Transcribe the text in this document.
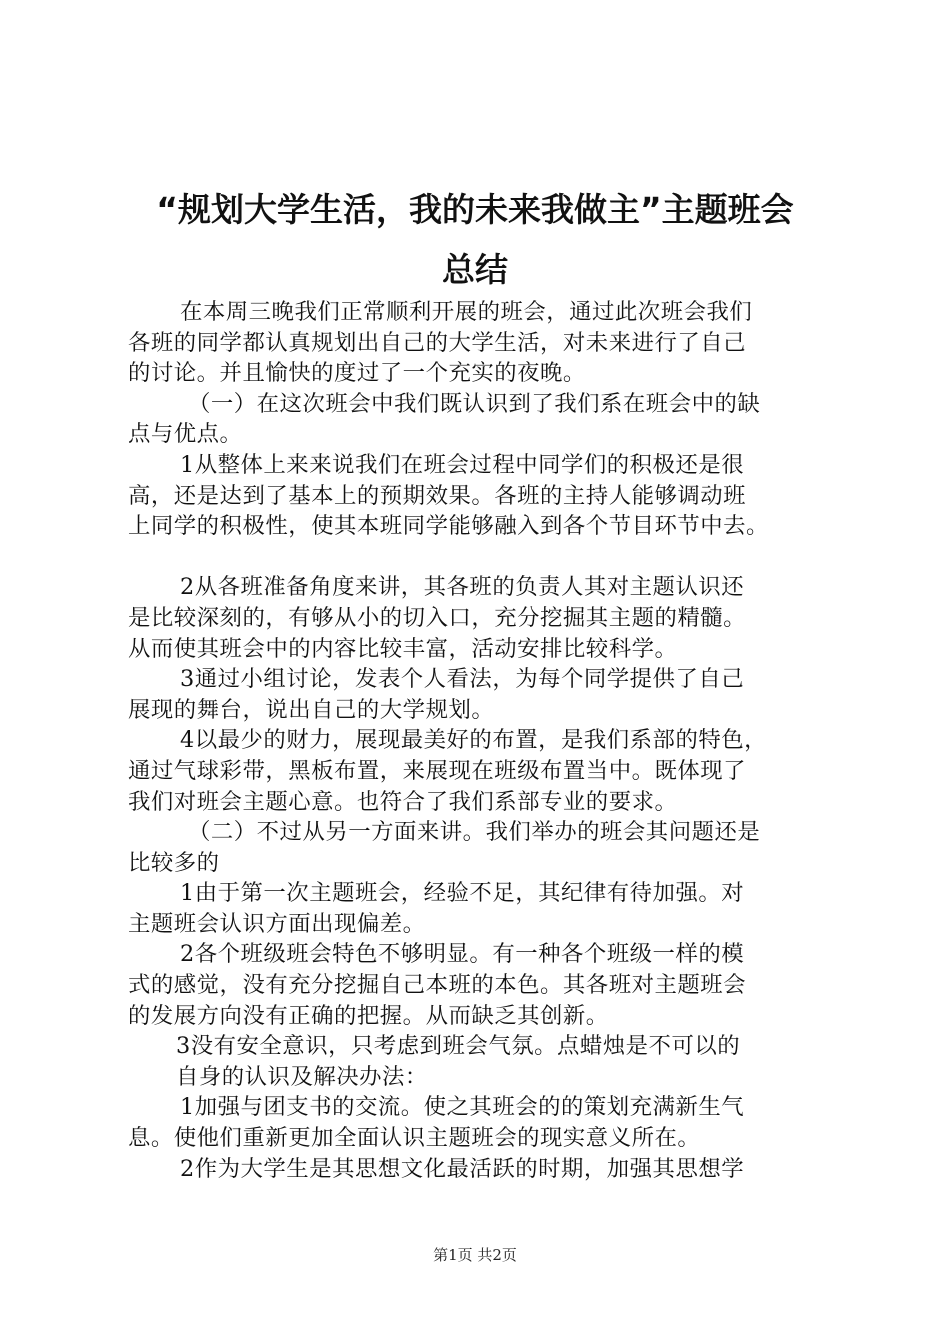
“规划大学生活，我的未来我做主”主题班会
总结
在本周三晚我们正常顺利开展的班会，通过此次班会我们
各班的同学都认真规划出自己的大学生活，对未来进行了自己
的讨论。并且愉快的度过了一个充实的夜晚。
（一）在这次班会中我们既认识到了我们系在班会中的缺
点与优点。
1从整体上来来说我们在班会过程中同学们的积极还是很
高，还是达到了基本上的预期效果。各班的主持人能够调动班
上同学的积极性，使其本班同学能够融入到各个节目环节中去。
2从各班准备角度来讲，其各班的负责人其对主题认识还
是比较深刻的，有够从小的切入口，充分挖掘其主题的精髓。
从而使其班会中的内容比较丰富，活动安排比较科学。
3通过小组讨论，发表个人看法，为每个同学提供了自己
展现的舞台，说出自己的大学规划。
4以最少的财力，展现最美好的布置，是我们系部的特色，
通过气球彩带，黑板布置，来展现在班级布置当中。既体现了
我们对班会主题心意。也符合了我们系部专业的要求。
（二）不过从另一方面来讲。我们举办的班会其问题还是
比较多的
1由于第一次主题班会，经验不足，其纪律有待加强。对
主题班会认识方面出现偏差。
2各个班级班会特色不够明显。有一种各个班级一样的模
式的感觉，没有充分挖掘自己本班的本色。其各班对主题班会
的发展方向没有正确的把握。从而缺乏其创新。
3没有安全意识，只考虑到班会气氛。点蜡烛是不可以的
自身的认识及解决办法：
1加强与团支书的交流。使之其班会的的策划充满新生气
息。使他们重新更加全面认识主题班会的现实意义所在。
2作为大学生是其思想文化最活跃的时期，加强其思想学
第1页 共2页
